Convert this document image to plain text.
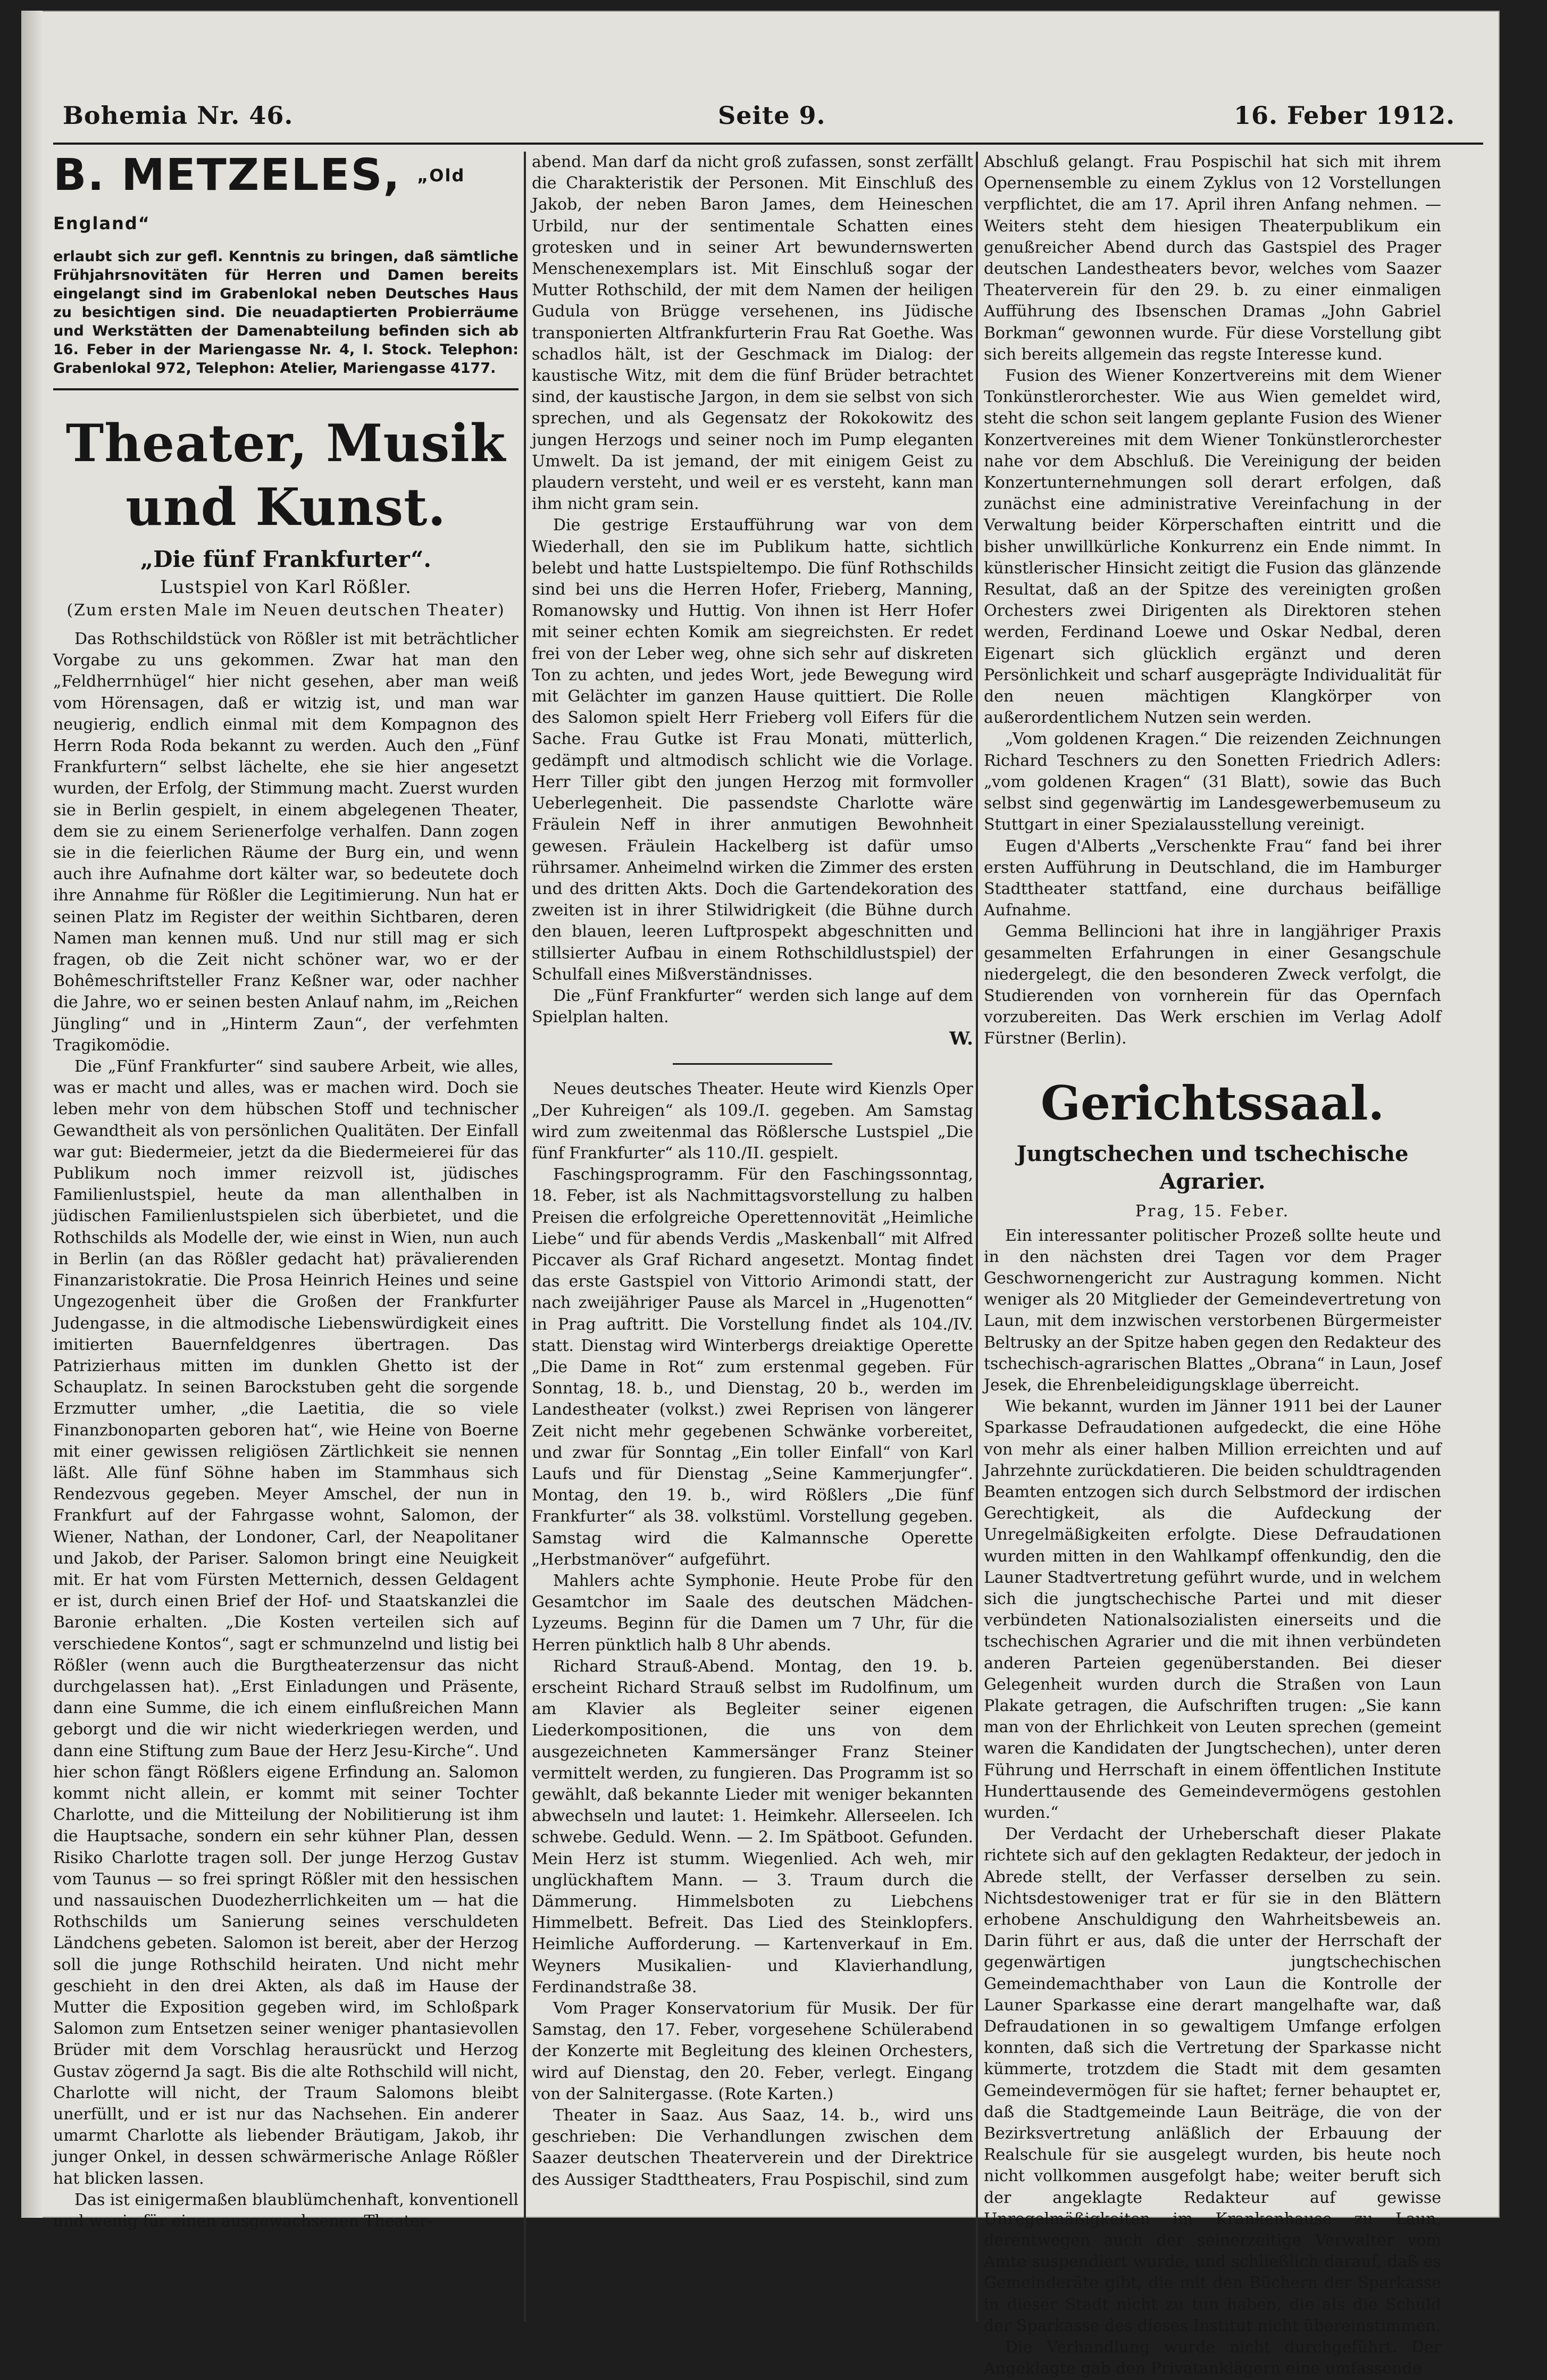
Bohemia Nr. 46.	Seite 9.	16. Feber 1912.
B. METZELES, $^{„Old England“}$

erlaubt sich zur gefl. Kenntnis zu bringen, daß sämtliche Frühjahrsnovitäten für Herren und Damen bereits eingelangt sind im Grabenlokal neben Deutsches Haus zu besichtigen sind. Die neuadaptierten Probierräume und Werkstätten der Damenabteilung befinden sich ab 16. Feber in der Mariengasse Nr. 4, I. Stock. Telephon: Grabenlokal 972, Telephon: Atelier, Mariengasse 4177.

Theater, Musik und Kunst.

„Die fünf Frankfurter“.

Lustspiel von Karl Rößler.

(Zum ersten Male im Neuen deutschen Theater)

Das Rothschildstück von Rößler ist mit beträchtlicher Vorgabe zu uns gekommen. Zwar hat man den „Feldherrnhügel“ hier nicht gesehen, aber man weiß vom Hörensagen, daß er witzig ist, und man war neugierig, endlich einmal mit dem Kompagnon des Herrn Roda Roda bekannt zu werden. Auch den „Fünf Frankfurtern“ selbst lächelte, ehe sie hier angesetzt wurden, der Erfolg, der Stimmung macht. Zuerst wurden sie in Berlin gespielt, in einem abgelegenen Theater, dem sie zu einem Serienerfolge verhalfen. Dann zogen sie in die feierlichen Räume der Burg ein, und wenn auch ihre Aufnahme dort kälter war, so bedeutete doch ihre Annahme für Rößler die Legitimierung. Nun hat er seinen Platz im Register der weithin Sichtbaren, deren Namen man kennen muß. Und nur still mag er sich fragen, ob die Zeit nicht schöner war, wo er der Bohêmeschriftsteller Franz Keßner war, oder nachher die Jahre, wo er seinen besten Anlauf nahm, im „Reichen Jüngling“ und in „Hinterm Zaun“, der verfehmten Tragikomödie.

Die „Fünf Frankfurter“ sind saubere Arbeit, wie alles, was er macht und alles, was er machen wird. Doch sie leben mehr von dem hübschen Stoff und technischer Gewandtheit als von persönlichen Qualitäten. Der Einfall war gut: Biedermeier, jetzt da die Biedermeierei für das Publikum noch immer reizvoll ist, jüdisches Familienlustspiel, heute da man allenthalben in jüdischen Familienlustspielen sich überbietet, und die Rothschilds als Modelle der, wie einst in Wien, nun auch in Berlin (an das Rößler gedacht hat) prävalierenden Finanzaristokratie. Die Prosa Heinrich Heines und seine Ungezogenheit über die Großen der Frankfurter Judengasse, in die altmodische Liebenswürdigkeit eines imitierten Bauernfeldgenres übertragen. Das Patrizierhaus mitten im dunklen Ghetto ist der Schauplatz. In seinen Barockstuben geht die sorgende Erzmutter umher, „die Laetitia, die so viele Finanzbonoparten geboren hat“, wie Heine von Boerne mit einer gewissen religiösen Zärtlichkeit sie nennen läßt. Alle fünf Söhne haben im Stammhaus sich Rendezvous gegeben. Meyer Amschel, der nun in Frankfurt auf der Fahrgasse wohnt, Salomon, der Wiener, Nathan, der Londoner, Carl, der Neapolitaner und Jakob, der Pariser. Salomon bringt eine Neuigkeit mit. Er hat vom Fürsten Metternich, dessen Geldagent er ist, durch einen Brief der Hof- und Staatskanzlei die Baronie erhalten. „Die Kosten verteilen sich auf verschiedene Kontos“, sagt er schmunzelnd und listig bei Rößler (wenn auch die Burgtheaterzensur das nicht durchgelassen hat). „Erst Einladungen und Präsente, dann eine Summe, die ich einem einflußreichen Mann geborgt und die wir nicht wiederkriegen werden, und dann eine Stiftung zum Baue der Herz Jesu-Kirche“. Und hier schon fängt Rößlers eigene Erfindung an. Salomon kommt nicht allein, er kommt mit seiner Tochter Charlotte, und die Mitteilung der Nobilitierung ist ihm die Hauptsache, sondern ein sehr kühner Plan, dessen Risiko Charlotte tragen soll. Der junge Herzog Gustav vom Taunus — so frei springt Rößler mit den hessischen und nassauischen Duodezherrlichkeiten um — hat die Rothschilds um Sanierung seines verschuldeten Ländchens gebeten. Salomon ist bereit, aber der Herzog soll die junge Rothschild heiraten. Und nicht mehr geschieht in den drei Akten, als daß im Hause der Mutter die Exposition gegeben wird, im Schloßpark Salomon zum Entsetzen seiner weniger phantasievollen Brüder mit dem Vorschlag herausrückt und Herzog Gustav zögernd Ja sagt. Bis die alte Rothschild will nicht, Charlotte will nicht, der Traum Salomons bleibt unerfüllt, und er ist nur das Nachsehen. Ein anderer umarmt Charlotte als liebender Bräutigam, Jakob, ihr junger Onkel, in dessen schwärmerische Anlage Rößler hat blicken lassen.

Das ist einigermaßen blaublümchenhaft, konventionell und wenig für einen ausgewachsenen Theater-

abend. Man darf da nicht groß zufassen, sonst zerfällt die Charakteristik der Personen. Mit Einschluß des Jakob, der neben Baron James, dem Heineschen Urbild, nur der sentimentale Schatten eines grotesken und in seiner Art bewundernswerten Menschenexemplars ist. Mit Einschluß sogar der Mutter Rothschild, der mit dem Namen der heiligen Gudula von Brügge versehenen, ins Jüdische transponierten Altfrankfurterin Frau Rat Goethe. Was schadlos hält, ist der Geschmack im Dialog: der kaustische Witz, mit dem die fünf Brüder betrachtet sind, der kaustische Jargon, in dem sie selbst von sich sprechen, und als Gegensatz der Rokokowitz des jungen Herzogs und seiner noch im Pump eleganten Umwelt. Da ist jemand, der mit einigem Geist zu plaudern versteht, und weil er es versteht, kann man ihm nicht gram sein.

Die gestrige Erstaufführung war von dem Wiederhall, den sie im Publikum hatte, sichtlich belebt und hatte Lustspieltempo. Die fünf Rothschilds sind bei uns die Herren Hofer, Frieberg, Manning, Romanowsky und Huttig. Von ihnen ist Herr Hofer mit seiner echten Komik am siegreichsten. Er redet frei von der Leber weg, ohne sich sehr auf diskreten Ton zu achten, und jedes Wort, jede Bewegung wird mit Gelächter im ganzen Hause quittiert. Die Rolle des Salomon spielt Herr Frieberg voll Eifers für die Sache. Frau Gutke ist Frau Monati, mütterlich, gedämpft und altmodisch schlicht wie die Vorlage. Herr Tiller gibt den jungen Herzog mit formvoller Ueberlegenheit. Die passendste Charlotte wäre Fräulein Neff in ihrer anmutigen Bewohnheit gewesen. Fräulein Hackelberg ist dafür umso rührsamer. Anheimelnd wirken die Zimmer des ersten und des dritten Akts. Doch die Gartendekoration des zweiten ist in ihrer Stilwidrigkeit (die Bühne durch den blauen, leeren Luftprospekt abgeschnitten und stillsierter Aufbau in einem Rothschildlustspiel) der Schulfall eines Mißverständnisses.

Die „Fünf Frankfurter“ werden sich lange auf dem Spielplan halten.

W.

Neues deutsches Theater. Heute wird Kienzls Oper „Der Kuhreigen“ als 109./I. gegeben. Am Samstag wird zum zweitenmal das Rößlersche Lustspiel „Die fünf Frankfurter“ als 110./II. gespielt.

Faschingsprogramm. Für den Faschingssonntag, 18. Feber, ist als Nachmittagsvorstellung zu halben Preisen die erfolgreiche Operettennovität „Heimliche Liebe“ und für abends Verdis „Maskenball“ mit Alfred Piccaver als Graf Richard angesetzt. Montag findet das erste Gastspiel von Vittorio Arimondi statt, der nach zweijähriger Pause als Marcel in „Hugenotten“ in Prag auftritt. Die Vorstellung findet als 104./IV. statt. Dienstag wird Winterbergs dreiaktige Operette „Die Dame in Rot“ zum erstenmal gegeben. Für Sonntag, 18. b., und Dienstag, 20 b., werden im Landestheater (volkst.) zwei Reprisen von längerer Zeit nicht mehr gegebenen Schwänke vorbereitet, und zwar für Sonntag „Ein toller Einfall“ von Karl Laufs und für Dienstag „Seine Kammerjungfer“. Montag, den 19. b., wird Rößlers „Die fünf Frankfurter“ als 38. volkstüml. Vorstellung gegeben. Samstag wird die Kalmannsche Operette „Herbstmanöver“ aufgeführt.

Mahlers achte Symphonie. Heute Probe für den Gesamtchor im Saale des deutschen Mädchen-Lyzeums. Beginn für die Damen um 7 Uhr, für die Herren pünktlich halb 8 Uhr abends.

Richard Strauß-Abend. Montag, den 19. b. erscheint Richard Strauß selbst im Rudolfinum, um am Klavier als Begleiter seiner eigenen Liederkompositionen, die uns von dem ausgezeichneten Kammersänger Franz Steiner vermittelt werden, zu fungieren. Das Programm ist so gewählt, daß bekannte Lieder mit weniger bekannten abwechseln und lautet: 1. Heimkehr. Allerseelen. Ich schwebe. Geduld. Wenn. — 2. Im Spätboot. Gefunden. Mein Herz ist stumm. Wiegenlied. Ach weh, mir unglückhaftem Mann. — 3. Traum durch die Dämmerung. Himmelsboten zu Liebchens Himmelbett. Befreit. Das Lied des Steinklopfers. Heimliche Aufforderung. — Kartenverkauf in Em. Weyners Musikalien- und Klavierhandlung, Ferdinandstraße 38.

Vom Prager Konservatorium für Musik. Der für Samstag, den 17. Feber, vorgesehene Schülerabend der Konzerte mit Begleitung des kleinen Orchesters, wird auf Dienstag, den 20. Feber, verlegt. Eingang von der Salnitergasse. (Rote Karten.)

Theater in Saaz. Aus Saaz, 14. b., wird uns geschrieben: Die Verhandlungen zwischen dem Saazer deutschen Theaterverein und der Direktrice des Aussiger Stadttheaters, Frau Pospischil, sind zum

Abschluß gelangt. Frau Pospischil hat sich mit ihrem Opernensemble zu einem Zyklus von 12 Vorstellungen verpflichtet, die am 17. April ihren Anfang nehmen. — Weiters steht dem hiesigen Theaterpublikum ein genußreicher Abend durch das Gastspiel des Prager deutschen Landestheaters bevor, welches vom Saazer Theaterverein für den 29. b. zu einer einmaligen Aufführung des Ibsenschen Dramas „John Gabriel Borkman“ gewonnen wurde. Für diese Vorstellung gibt sich bereits allgemein das regste Interesse kund.

Fusion des Wiener Konzertvereins mit dem Wiener Tonkünstlerorchester. Wie aus Wien gemeldet wird, steht die schon seit langem geplante Fusion des Wiener Konzertvereines mit dem Wiener Tonkünstlerorchester nahe vor dem Abschluß. Die Vereinigung der beiden Konzertunternehmungen soll derart erfolgen, daß zunächst eine administrative Vereinfachung in der Verwaltung beider Körperschaften eintritt und die bisher unwillkürliche Konkurrenz ein Ende nimmt. In künstlerischer Hinsicht zeitigt die Fusion das glänzende Resultat, daß an der Spitze des vereinigten großen Orchesters zwei Dirigenten als Direktoren stehen werden, Ferdinand Loewe und Oskar Nedbal, deren Eigenart sich glücklich ergänzt und deren Persönlichkeit und scharf ausgeprägte Individualität für den neuen mächtigen Klangkörper von außerordentlichem Nutzen sein werden.

„Vom goldenen Kragen.“ Die reizenden Zeichnungen Richard Teschners zu den Sonetten Friedrich Adlers: „vom goldenen Kragen“ (31 Blatt), sowie das Buch selbst sind gegenwärtig im Landesgewerbemuseum zu Stuttgart in einer Spezialausstellung vereinigt.

Eugen d'Alberts „Verschenkte Frau“ fand bei ihrer ersten Aufführung in Deutschland, die im Hamburger Stadttheater stattfand, eine durchaus beifällige Aufnahme.

Gemma Bellincioni hat ihre in langjähriger Praxis gesammelten Erfahrungen in einer Gesangschule niedergelegt, die den besonderen Zweck verfolgt, die Studierenden von vornherein für das Opernfach vorzubereiten. Das Werk erschien im Verlag Adolf Fürstner (Berlin).

Gerichtssaal.

Jungtschechen und tschechische Agrarier.

Prag, 15. Feber.

Ein interessanter politischer Prozeß sollte heute und in den nächsten drei Tagen vor dem Prager Geschwornengericht zur Austragung kommen. Nicht weniger als 20 Mitglieder der Gemeindevertretung von Laun, mit dem inzwischen verstorbenen Bürgermeister Beltrusky an der Spitze haben gegen den Redakteur des tschechisch-agrarischen Blattes „Obrana“ in Laun, Josef Jesek, die Ehrenbeleidigungsklage überreicht.

Wie bekannt, wurden im Jänner 1911 bei der Launer Sparkasse Defraudationen aufgedeckt, die eine Höhe von mehr als einer halben Million erreichten und auf Jahrzehnte zurückdatieren. Die beiden schuldtragenden Beamten entzogen sich durch Selbstmord der irdischen Gerechtigkeit, als die Aufdeckung der Unregelmäßigkeiten erfolgte. Diese Defraudationen wurden mitten in den Wahlkampf offenkundig, den die Launer Stadtvertretung geführt wurde, und in welchem sich die jungtschechische Partei und mit dieser verbündeten Nationalsozialisten einerseits und die tschechischen Agrarier und die mit ihnen verbündeten anderen Parteien gegenüberstanden. Bei dieser Gelegenheit wurden durch die Straßen von Laun Plakate getragen, die Aufschriften trugen: „Sie kann man von der Ehrlichkeit von Leuten sprechen (gemeint waren die Kandidaten der Jungtschechen), unter deren Führung und Herrschaft in einem öffentlichen Institute Hunderttausende des Gemeindevermögens gestohlen wurden.“

Der Verdacht der Urheberschaft dieser Plakate richtete sich auf den geklagten Redakteur, der jedoch in Abrede stellt, der Verfasser derselben zu sein. Nichtsdestoweniger trat er für sie in den Blättern erhobene Anschuldigung den Wahrheitsbeweis an. Darin führt er aus, daß die unter der Herrschaft der gegenwärtigen jungtschechischen Gemeindemachthaber von Laun die Kontrolle der Launer Sparkasse eine derart mangelhafte war, daß Defraudationen in so gewaltigem Umfange erfolgen konnten, daß sich die Vertretung der Sparkasse nicht kümmerte, trotzdem die Stadt mit dem gesamten Gemeindevermögen für sie haftet; ferner behauptet er, daß die Stadtgemeinde Laun Beiträge, die von der Bezirksvertretung anläßlich der Erbauung der Realschule für sie ausgelegt wurden, bis heute noch nicht vollkommen ausgefolgt habe; weiter beruft sich der angeklagte Redakteur auf gewisse Unregelmäßigkeiten im Krankenhause zu Laun, derentwegen auch der seinerzeitige Verwalter vom Amte suspendiert wurde, und schließlich darauf, daß es Gemeinderäte gibt, die mit den Büchern der Sparkasse in dieser Stadt nicht zu tun haben, die als die Schuld der Sparkasse des dieses Institut nicht übereinstimmen.

Die Verhandlung wurde nicht durchgeführt. Der Angeklagte gab den Privatanklägern eine umfassende
